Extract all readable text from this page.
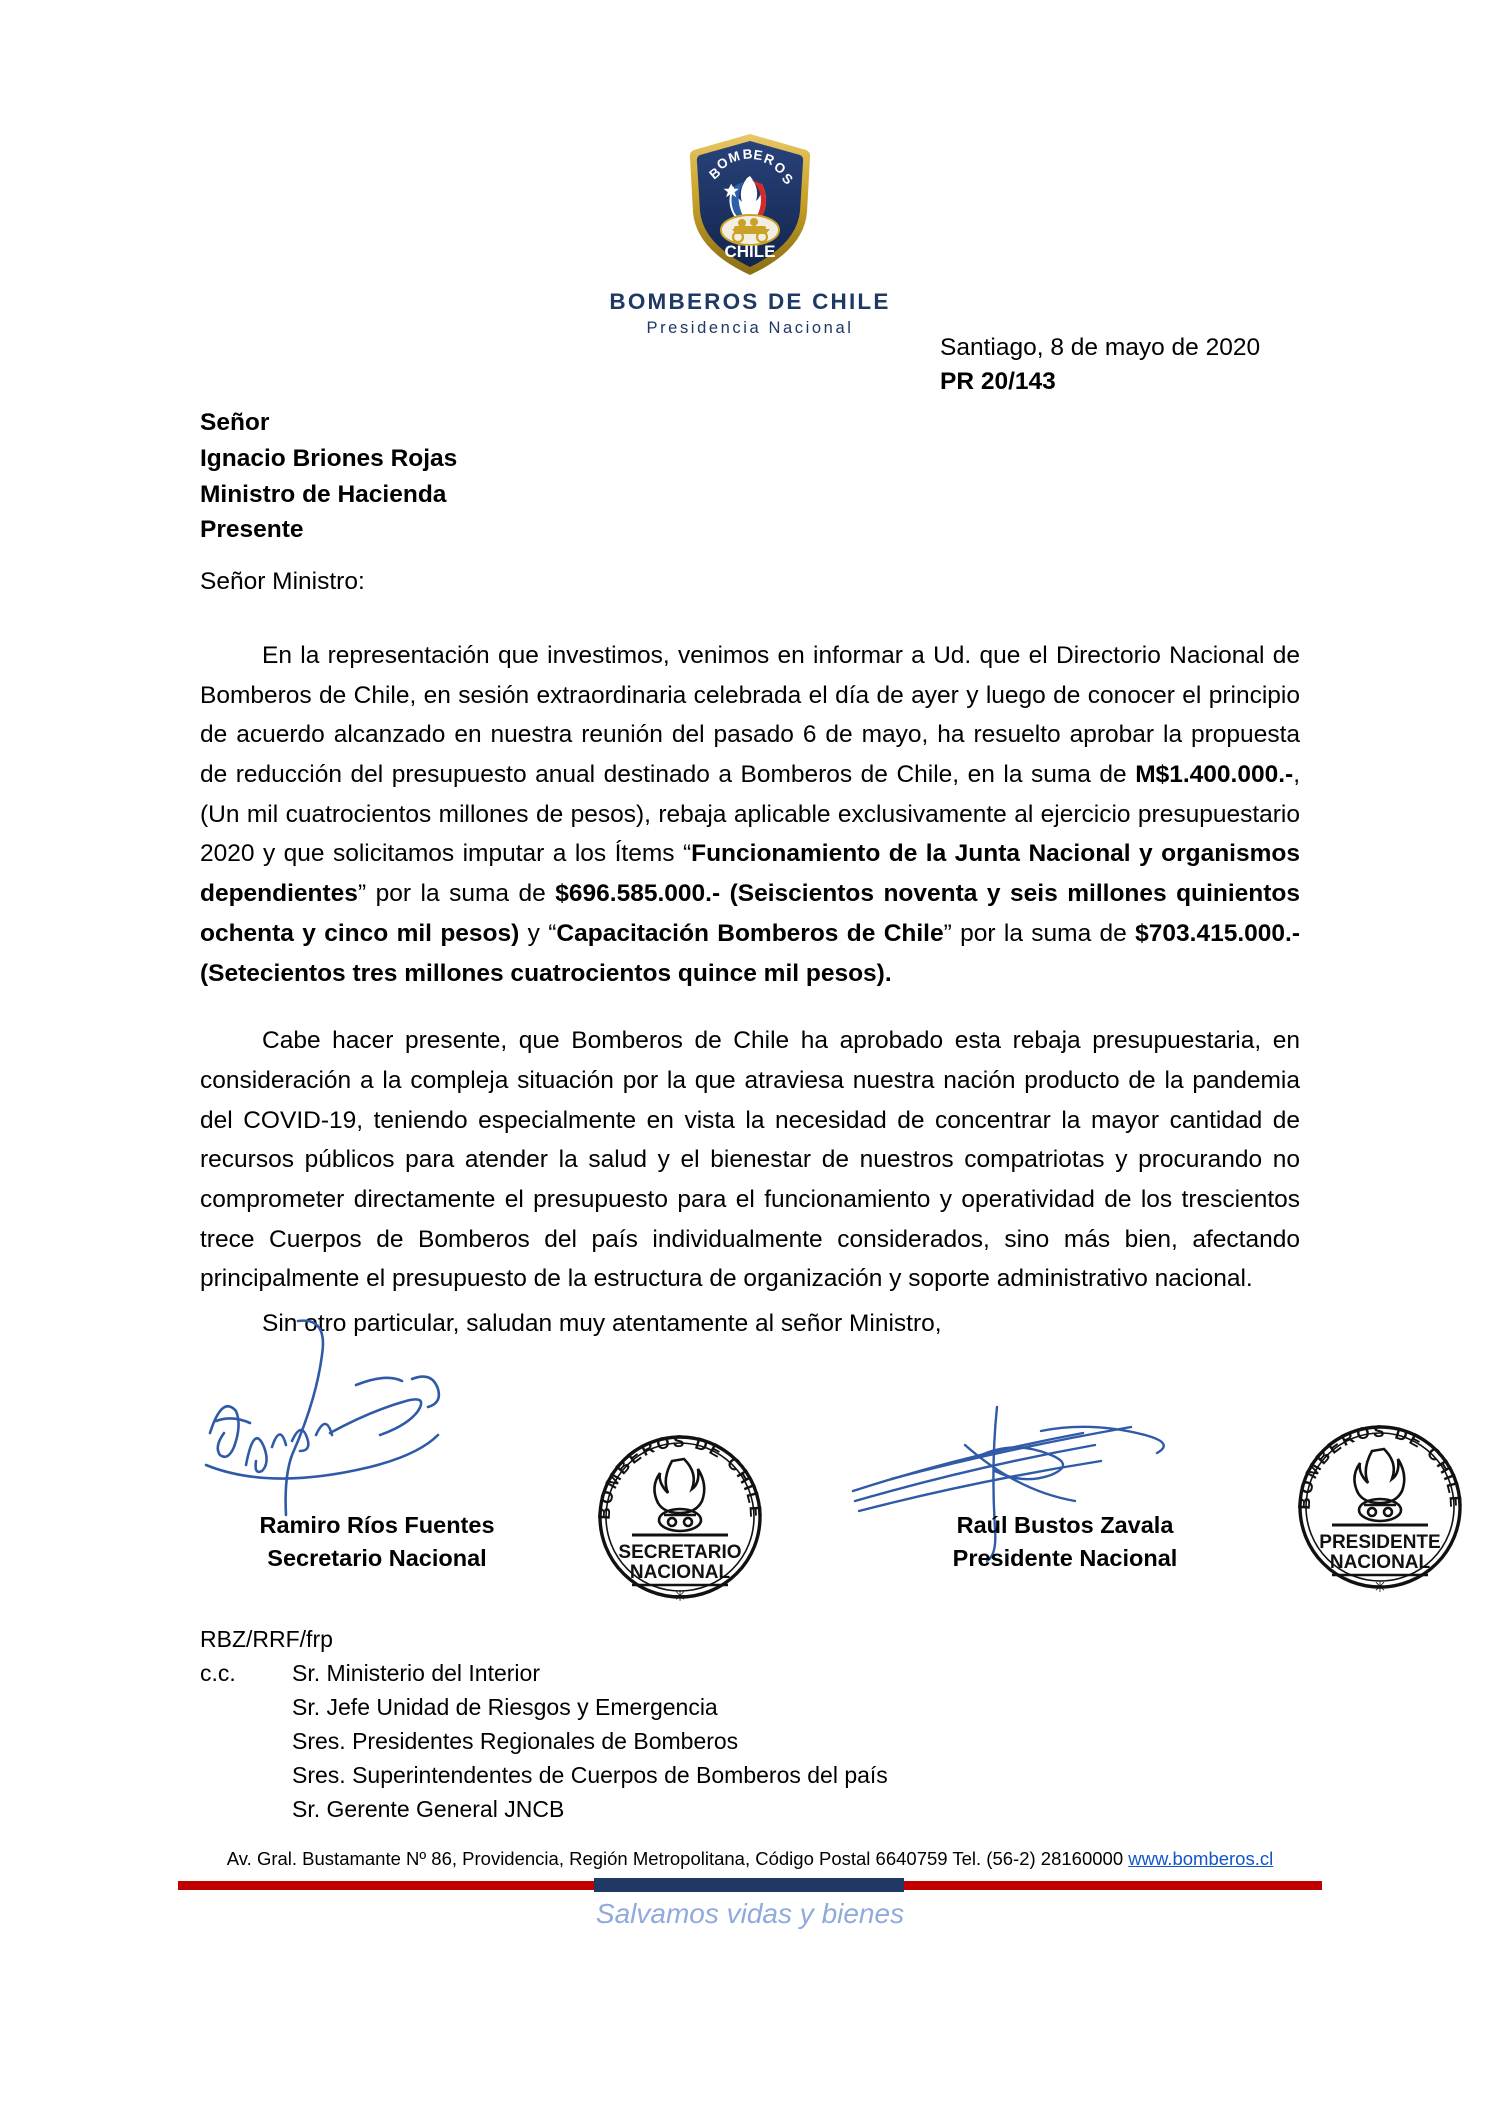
B
O
M B E
R
O
S
CHILE
BOMBEROS DE CHILE
Presidencia Nacional
Santiago, 8 de mayo de 2020
PR 20/143
Señor
Ignacio Briones Rojas
Ministro de Hacienda
Presente
Señor Ministro:

En la representación que investimos, venimos en informar a Ud. que el Directorio Nacional de Bomberos de Chile, en sesión extraordinaria celebrada el día de ayer y luego de conocer el principio de acuerdo alcanzado en nuestra reunión del pasado 6 de mayo, ha resuelto aprobar la propuesta de reducción del presupuesto anual destinado a Bomberos de Chile, en la suma de M$1.400.000.-, (Un mil cuatrocientos millones de pesos), rebaja aplicable exclusivamente al ejercicio presupuestario 2020 y que solicitamos imputar a los Ítems “Funcionamiento de la Junta Nacional y organismos dependientes” por la suma de $696.585.000.- (Seiscientos noventa y seis millones quinientos ochenta y cinco mil pesos) y “Capacitación Bomberos de Chile” por la suma de $703.415.000.- (Setecientos tres millones cuatrocientos quince mil pesos).

Cabe hacer presente, que Bomberos de Chile ha aprobado esta rebaja presupuestaria, en consideración a la compleja situación por la que atraviesa nuestra nación producto de la pandemia del COVID-19, teniendo especialmente en vista la necesidad de concentrar la mayor cantidad de recursos públicos para atender la salud y el bienestar de nuestros compatriotas y procurando no comprometer directamente el presupuesto para el funcionamiento y operatividad de los trescientos trece Cuerpos de Bomberos del país individualmente considerados, sino más bien, afectando principalmente el presupuesto de la estructura de organización y soporte administrativo nacional.

Sin otro particular, saludan muy atentamente al señor Ministro,
BOMBEROS DE CHILE
SECRETARIO
NACIONAL
✳
BOMBEROS DE CHILE
PRESIDENTE
NACIONAL
✳
Ramiro Ríos Fuentes
Secretario Nacional
Raúl Bustos Zavala
Presidente Nacional
RBZ/RRF/frp
c.c.	Sr. Ministerio del Interior
Sr. Jefe Unidad de Riesgos y Emergencia
Sres. Presidentes Regionales de Bomberos
Sres. Superintendentes de Cuerpos de Bomberos del país
Sr. Gerente General JNCB
Av. Gral. Bustamante Nº 86, Providencia, Región Metropolitana, Código Postal 6640759 Tel. (56-2) 28160000 www.bomberos.cl
Salvamos vidas y bienes
